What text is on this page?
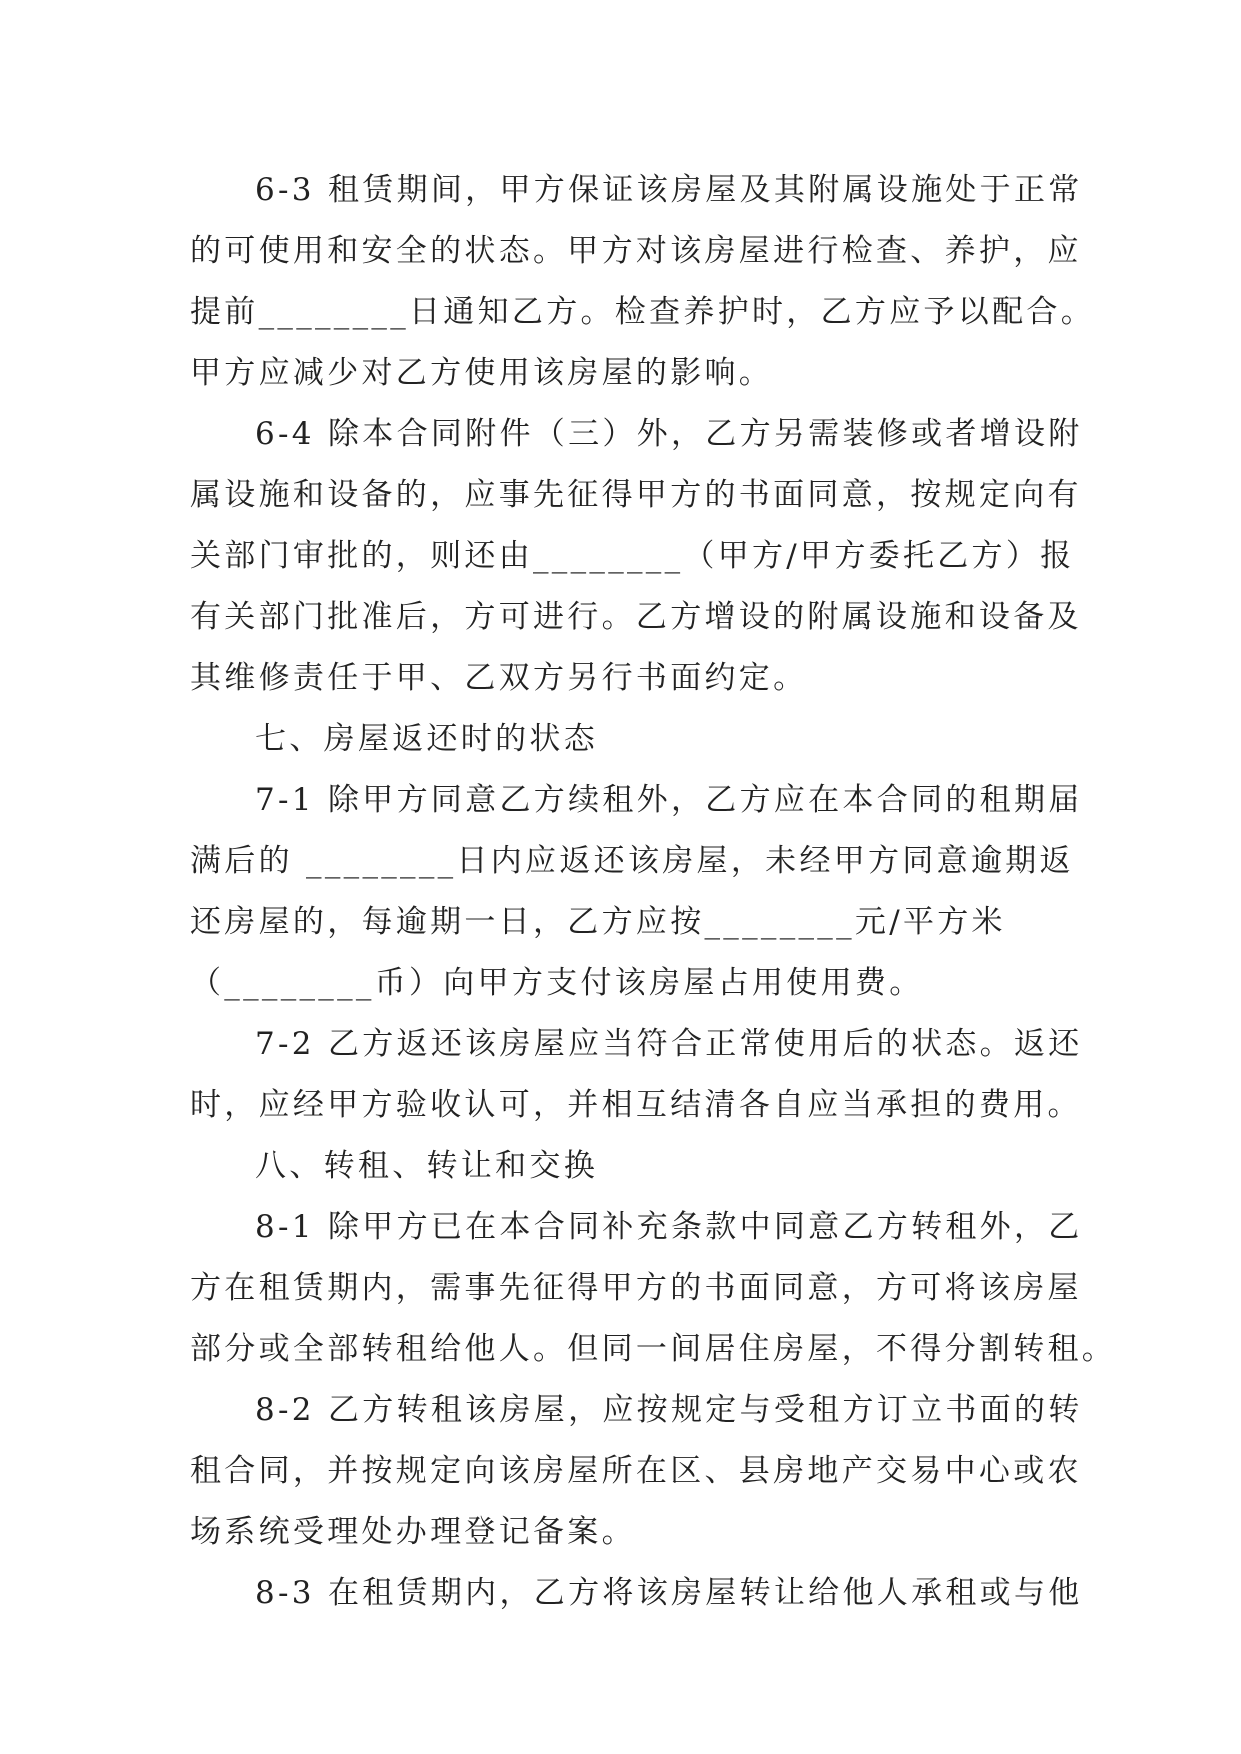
6-3 租赁期间，甲方保证该房屋及其附属设施处于正常
的可使用和安全的状态。甲方对该房屋进行检查、养护，应
提前________日通知乙方。检查养护时，乙方应予以配合。
甲方应减少对乙方使用该房屋的影响。
6-4 除本合同附件（三）外，乙方另需装修或者增设附
属设施和设备的，应事先征得甲方的书面同意，按规定向有
关部门审批的，则还由________（甲方/甲方委托乙方）报
有关部门批准后，方可进行。乙方增设的附属设施和设备及
其维修责任于甲、乙双方另行书面约定。
七、房屋返还时的状态
7-1 除甲方同意乙方续租外，乙方应在本合同的租期届
满后的 ________日内应返还该房屋，未经甲方同意逾期返
还房屋的，每逾期一日，乙方应按________元/平方米
（________币）向甲方支付该房屋占用使用费。
7-2 乙方返还该房屋应当符合正常使用后的状态。返还
时，应经甲方验收认可，并相互结清各自应当承担的费用。
八、转租、转让和交换
8-1 除甲方已在本合同补充条款中同意乙方转租外，乙
方在租赁期内，需事先征得甲方的书面同意，方可将该房屋
部分或全部转租给他人。但同一间居住房屋，不得分割转租。
8-2 乙方转租该房屋，应按规定与受租方订立书面的转
租合同，并按规定向该房屋所在区、县房地产交易中心或农
场系统受理处办理登记备案。
8-3 在租赁期内，乙方将该房屋转让给他人承租或与他
